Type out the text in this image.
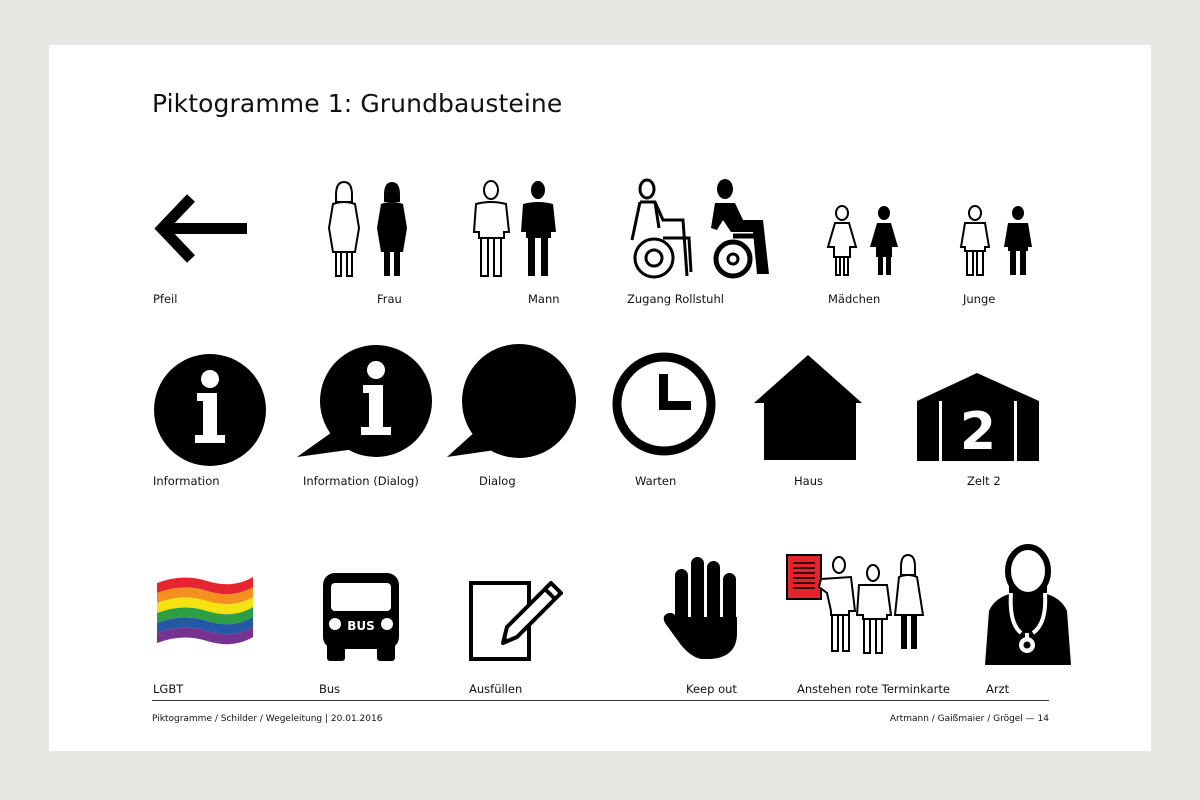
Piktogramme 1: Grundbausteine
Pfeil	Frau	Mann	Zugang Rollstuhl	Mädchen	Junge
Information	Information (Dialog)	Dialog	Warten	Haus
2
Zelt 2
LGBT
BUS
Bus	Ausfüllen	Keep out	Anstehen rote Terminkarte	Arzt
Piktogramme / Schilder / Wegeleitung | 20.01.2016	Artmann / Gaißmaier / Grögel — 14
